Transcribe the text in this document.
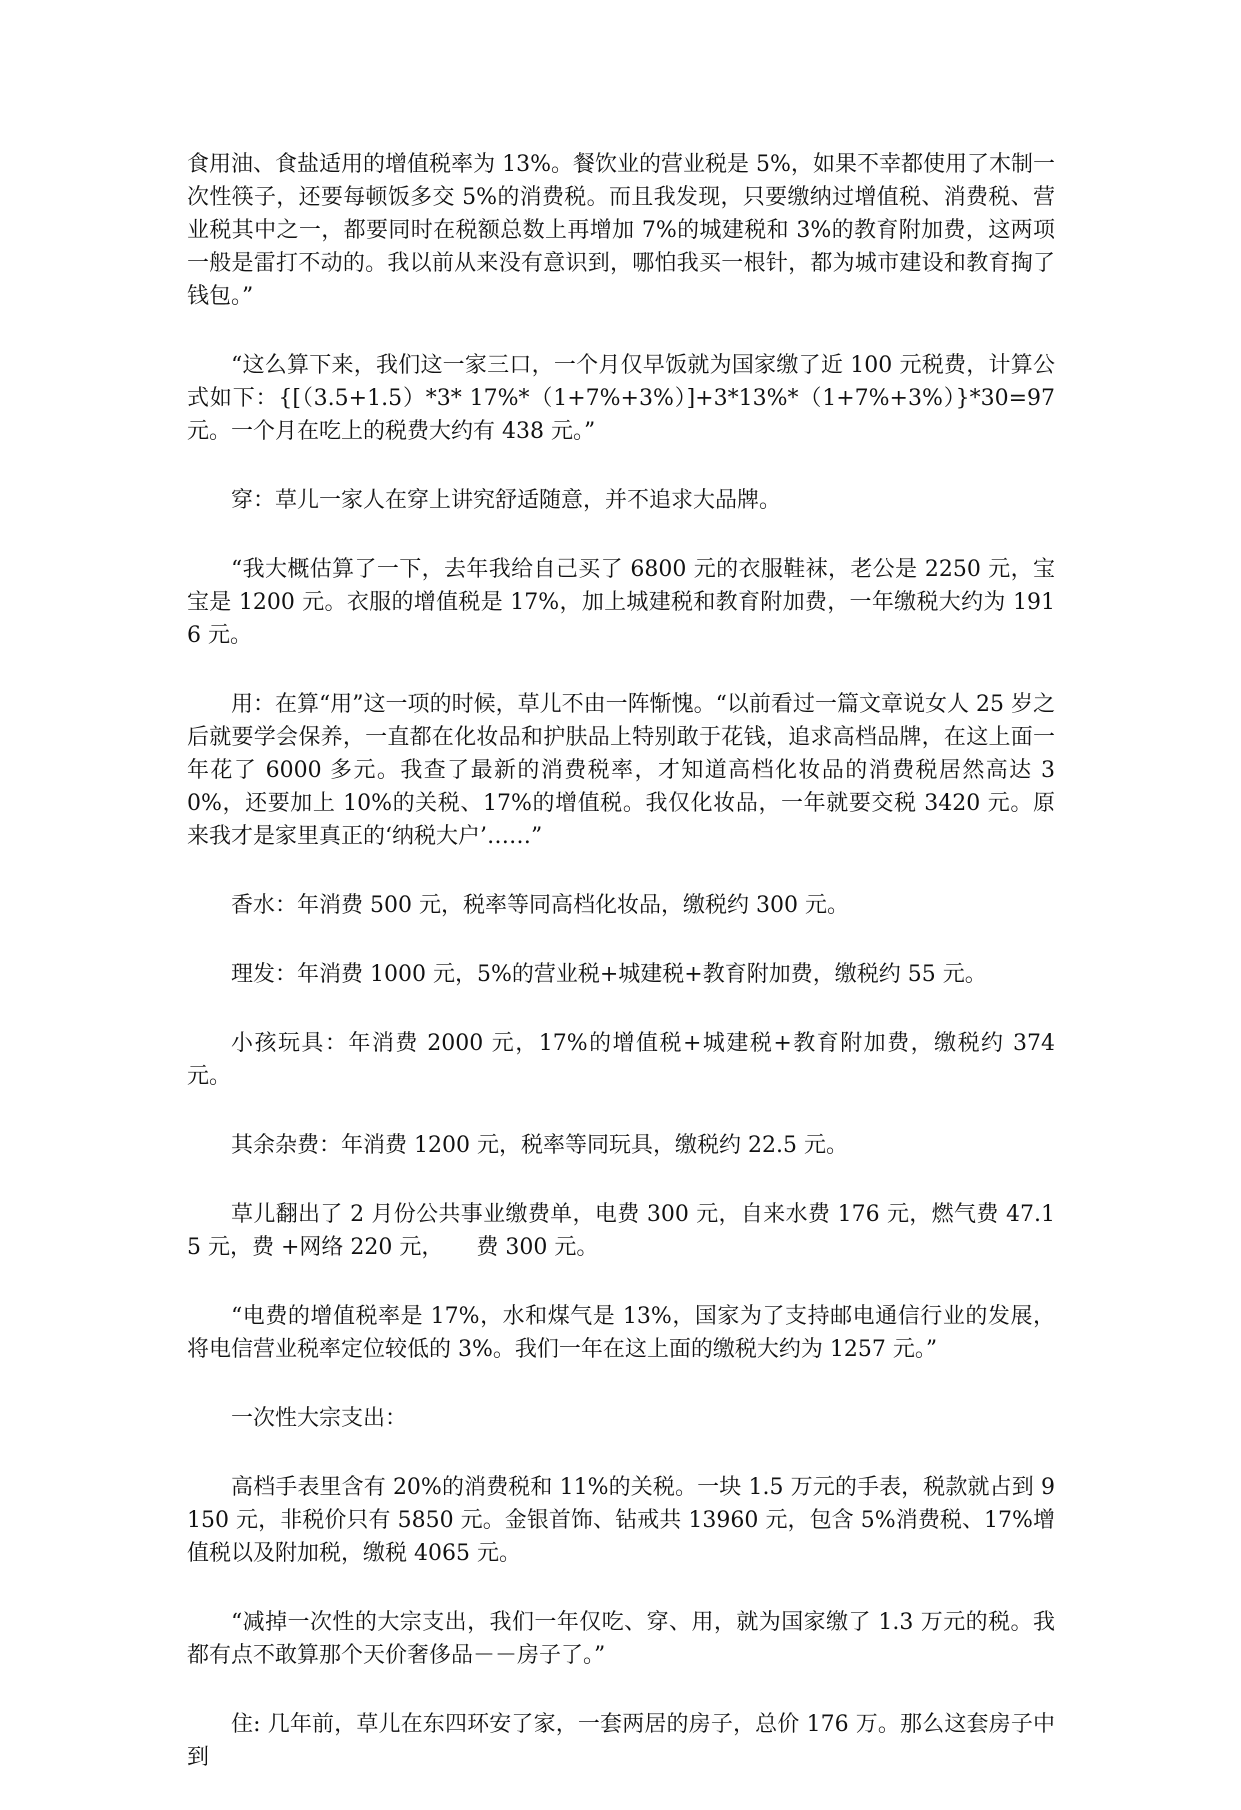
食用油、食盐适用的增值税率为 13%。餐饮业的营业税是 5%，如果不幸都使用了木制一次性筷子，还要每顿饭多交 5%的消费税。而且我发现，只要缴纳过增值税、消费税、营业税其中之一，都要同时在税额总数上再增加 7%的城建税和 3%的教育附加费，这两项一般是雷打不动的。我以前从来没有意识到，哪怕我买一根针，都为城市建设和教育掏了钱包。”

“这么算下来，我们这一家三口，一个月仅早饭就为国家缴了近 100 元税费，计算公式如下：{[（3.5+1.5）*3* 17%*（1+7%+3%）]+3*13%*（1+7%+3%）}*30=97 元。一个月在吃上的税费大约有 438 元。”

穿：草儿一家人在穿上讲究舒适随意，并不追求大品牌。

“我大概估算了一下，去年我给自己买了 6800 元的衣服鞋袜，老公是 2250 元，宝宝是 1200 元。衣服的增值税是 17%，加上城建税和教育附加费，一年缴税大约为 1916 元。

用：在算“用”这一项的时候，草儿不由一阵惭愧。“以前看过一篇文章说女人 25 岁之后就要学会保养，一直都在化妆品和护肤品上特别敢于花钱，追求高档品牌，在这上面一年花了 6000 多元。我查了最新的消费税率，才知道高档化妆品的消费税居然高达 30%，还要加上 10%的关税、17%的增值税。我仅化妆品，一年就要交税 3420 元。原来我才是家里真正的‘纳税大户’……”

香水：年消费 500 元，税率等同高档化妆品，缴税约 300 元。

理发：年消费 1000 元，5%的营业税+城建税+教育附加费，缴税约 55 元。

小孩玩具：年消费 2000 元，17%的增值税+城建税+教育附加费，缴税约 374 元。

其余杂费：年消费 1200 元，税率等同玩具，缴税约 22.5 元。

草儿翻出了 2 月份公共事业缴费单，电费 300 元，自来水费 176 元，燃气费 47.15 元，费 +网络 220 元，　　费 300 元。

“电费的增值税率是 17%，水和煤气是 13%，国家为了支持邮电通信行业的发展，将电信营业税率定位较低的 3%。我们一年在这上面的缴税大约为 1257 元。”

一次性大宗支出：

高档手表里含有 20%的消费税和 11%的关税。一块 1.5 万元的手表，税款就占到 9150 元，非税价只有 5850 元。金银首饰、钻戒共 13960 元，包含 5%消费税、17%增值税以及附加税，缴税 4065 元。

“减掉一次性的大宗支出，我们一年仅吃、穿、用，就为国家缴了 1.3 万元的税。我都有点不敢算那个天价奢侈品－－房子了。”

住: 几年前，草儿在东四环安了家，一套两居的房子，总价 176 万。那么这套房子中到
